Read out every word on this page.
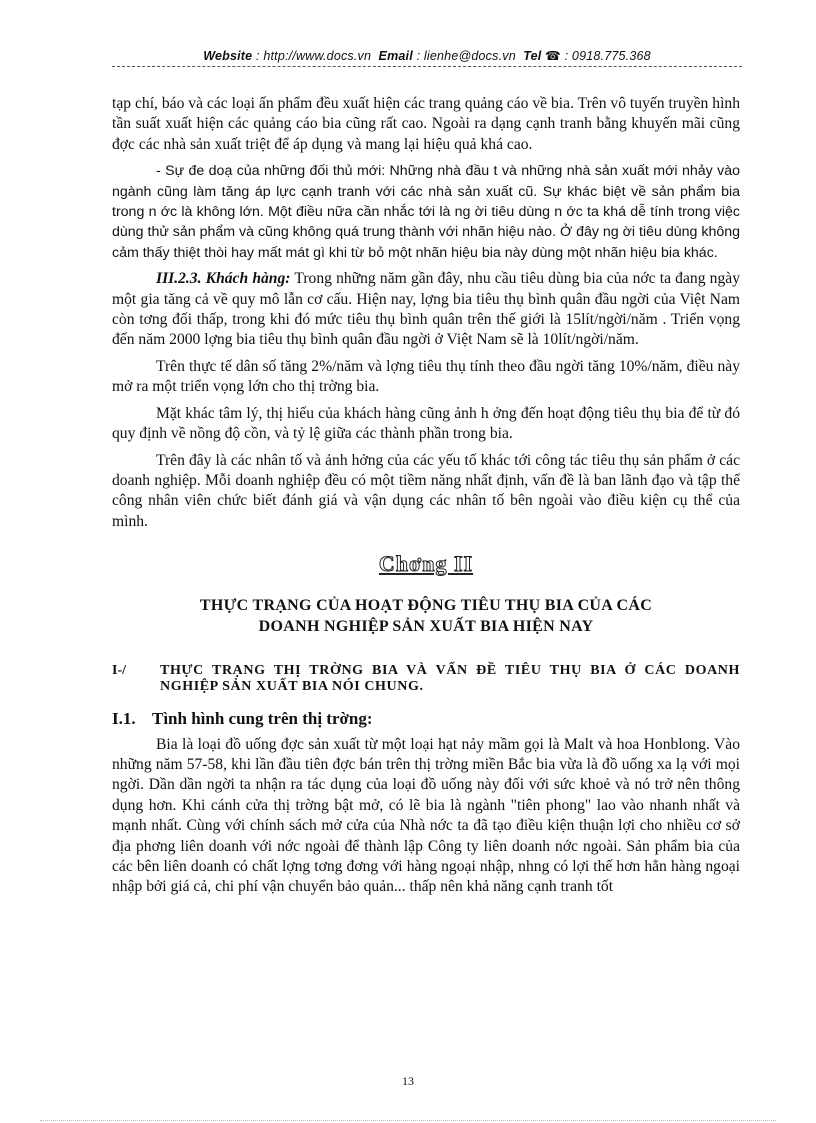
Website : http://www.docs.vn Email : lienhe@docs.vn Tel ☎ : 0918.775.368

tạp chí, báo và các loại ấn phẩm đều xuất hiện các trang quảng cáo về bia. Trên vô tuyến truyền hình tần suất xuất hiện các quảng cáo bia cũng rất cao. Ngoài ra dạng cạnh tranh bằng khuyến mãi cũng đợc các nhà sản xuất triệt để áp dụng và mang lại hiệu quả khá cao.

- Sự đe doạ của những đối thủ mới: Những nhà đầu t và những nhà sản xuất mới nhảy vào ngành cũng làm tăng áp lực cạnh tranh với các nhà sản xuất cũ. Sự khác biệt về sản phẩm bia trong n ớc là không lớn. Một điều nữa cần nhắc tới là ng ời tiêu dùng n ớc ta khá dễ tính trong việc dùng thử sản phẩm và cũng không quá trung thành với nhãn hiệu nào. Ở đây ng ời tiêu dùng không cảm thấy thiệt thòi hay mất mát gì khi từ bỏ một nhãn hiệu bia này dùng một nhãn hiệu bia khác.

III.2.3. Khách hàng: Trong những năm gần đây, nhu cầu tiêu dùng bia của nớc ta đang ngày một gia tăng cả về quy mô lẫn cơ cấu. Hiện nay, lợng bia tiêu thụ bình quân đầu ngời của Việt Nam còn tơng đối thấp, trong khi đó mức tiêu thụ bình quân trên thế giới là 15lít/ngời/năm . Triển vọng đến năm 2000 lợng bia tiêu thụ bình quân đầu ngời ở Việt Nam sẽ là 10lít/ngời/năm.

Trên thực tế dân số tăng 2%/năm và lợng tiêu thụ tính theo đầu ngời tăng 10%/năm, điều này mở ra một triển vọng lớn cho thị trờng bia.

Mặt khác tâm lý, thị hiếu của khách hàng cũng ảnh h ởng đến hoạt động tiêu thụ bia để từ đó quy định về nồng độ cồn, và tỷ lệ giữa các thành phần trong bia.

Trên đây là các nhân tố và ảnh hởng của các yếu tố khác tới công tác tiêu thụ sản phẩm ở các doanh nghiệp. Mỗi doanh nghiệp đều có một tiềm năng nhất định, vấn đề là ban lãnh đạo và tập thể công nhân viên chức biết đánh giá và vận dụng các nhân tố bên ngoài vào điều kiện cụ thể của mình.

Chơng II
THỰC TRẠNG CỦA HOẠT ĐỘNG TIÊU THỤ BIA CỦA CÁC
DOANH NGHIỆP SẢN XUẤT BIA HIỆN NAY
I-/	THỰC TRẠNG THỊ TRỜNG BIA VÀ VẤN ĐỀ TIÊU THỤ BIA Ở CÁC DOANH NGHIỆP SẢN XUẤT BIA NÓI CHUNG.
I.1. Tình hình cung trên thị trờng:

Bia là loại đồ uống đợc sản xuất từ một loại hạt nảy mầm gọi là Malt và hoa Honblong. Vào những năm 57-58, khi lần đầu tiên đợc bán trên thị trờng miền Bắc bia vừa là đồ uống xa lạ với mọi ngời. Dần dần ngời ta nhận ra tác dụng của loại đồ uống này đối với sức khoẻ và nó trở nên thông dụng hơn. Khi cánh cửa thị trờng bật mở, có lẽ bia là ngành "tiên phong" lao vào nhanh nhất và mạnh nhất. Cùng với chính sách mở cửa của Nhà nớc ta đã tạo điều kiện thuận lợi cho nhiều cơ sở địa phơng liên doanh với nớc ngoài để thành lập Công ty liên doanh nớc ngoài. Sản phẩm bia của các bên liên doanh có chất lợng tơng đơng với hàng ngoại nhập, nhng có lợi thế hơn hẳn hàng ngoại nhập bởi giá cả, chi phí vận chuyển bảo quản... thấp nên khả năng cạnh tranh tốt

13
